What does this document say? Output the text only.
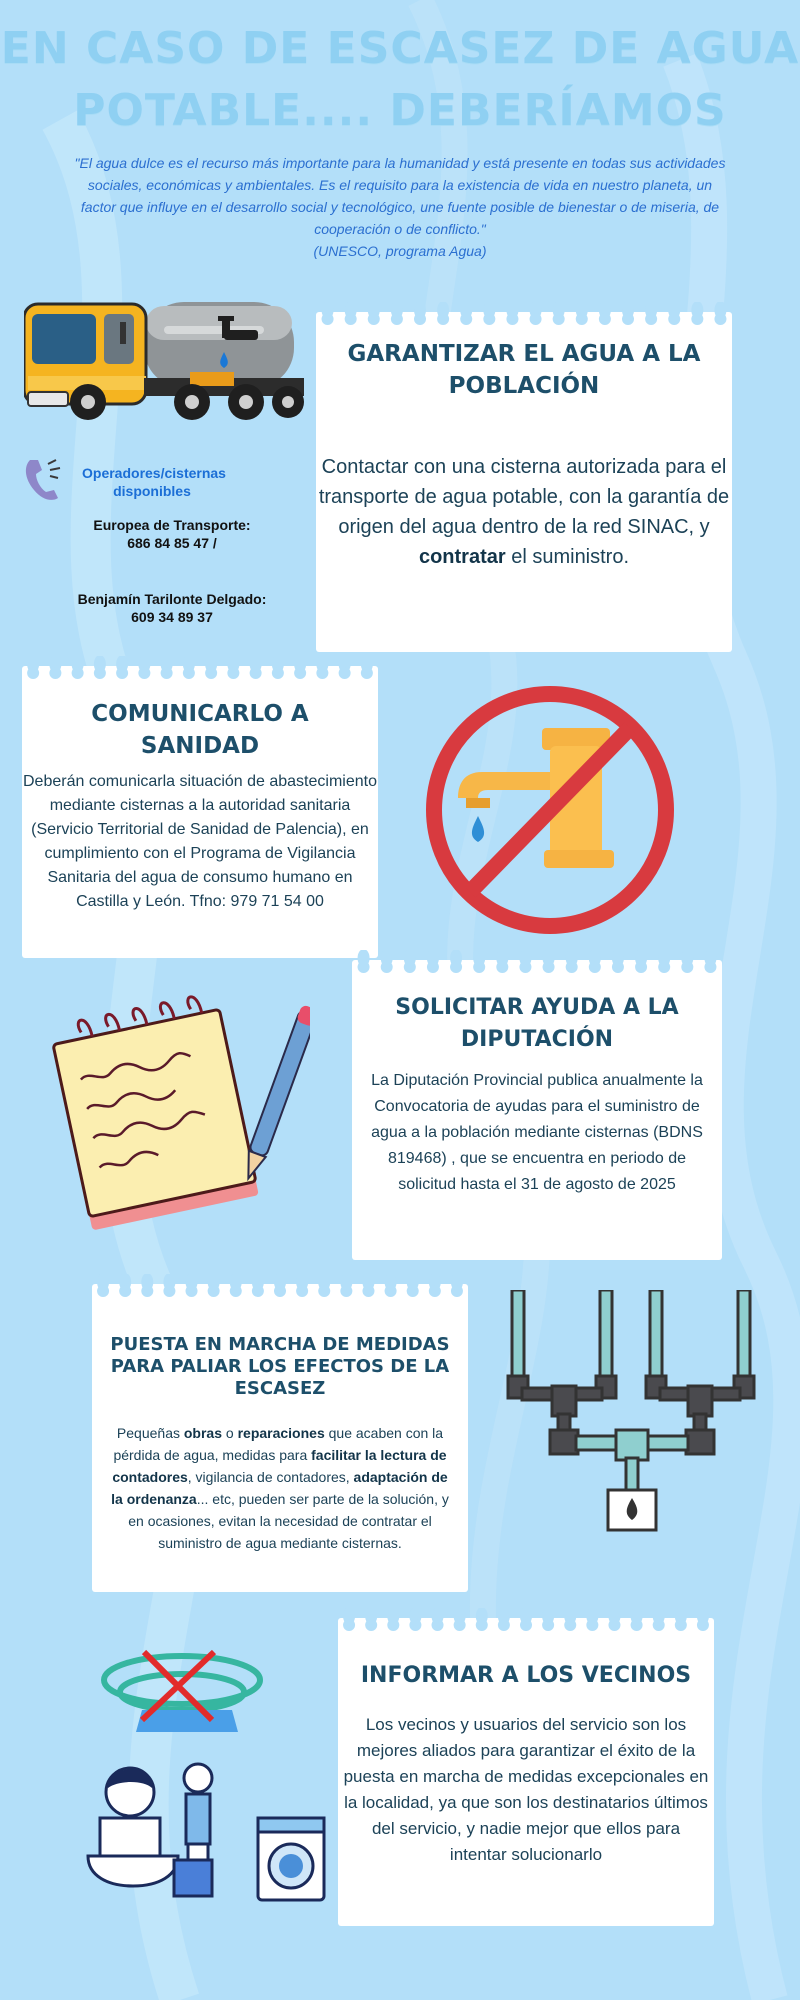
EN CASO DE ESCASEZ DE AGUA POTABLE.... DEBERÍAMOS
"El agua dulce es el recurso más importante para la humanidad y está presente en todas sus actividades sociales, económicas y ambientales. Es el requisito para la existencia de vida en nuestro planeta, un factor que influye en el desarrollo social y tecnológico, une fuente posible de bienestar o de miseria, de cooperación o de conflicto."
(UNESCO, programa Agua)
Operadores/cisternas disponibles
Europea de Transporte:
686 84 85 47 /
Benjamín Tarilonte Delgado:
609 34 89 37
GARANTIZAR EL AGUA A LA POBLACIÓN

Contactar con una cisterna autorizada para el transporte de agua potable, con la garantía de origen del agua dentro de la red SINAC, y contratar el suministro.

COMUNICARLO A SANIDAD

Deberán comunicarla situación de abastecimiento mediante cisternas a la autoridad sanitaria (Servicio Territorial de Sanidad de Palencia), en cumplimiento con el Programa de Vigilancia Sanitaria del agua de consumo humano en Castilla y León. Tfno: 979 71 54 00

SOLICITAR AYUDA A LA DIPUTACIÓN

La Diputación Provincial publica anualmente la Convocatoria de ayudas para el suministro de agua a la población mediante cisternas (BDNS 819468) , que se encuentra en periodo de solicitud hasta el 31 de agosto de 2025

PUESTA EN MARCHA DE MEDIDAS PARA PALIAR LOS EFECTOS DE LA ESCASEZ

Pequeñas obras o reparaciones que acaben con la pérdida de agua, medidas para facilitar la lectura de contadores, vigilancia de contadores, adaptación de la ordenanza... etc, pueden ser parte de la solución, y en ocasiones, evitan la necesidad de contratar el suministro de agua mediante cisternas.

INFORMAR A LOS VECINOS

Los vecinos y usuarios del servicio son los mejores aliados para garantizar el éxito de la puesta en marcha de medidas excepcionales en la localidad, ya que son los destinatarios últimos del servicio, y nadie mejor que ellos para intentar solucionarlo
